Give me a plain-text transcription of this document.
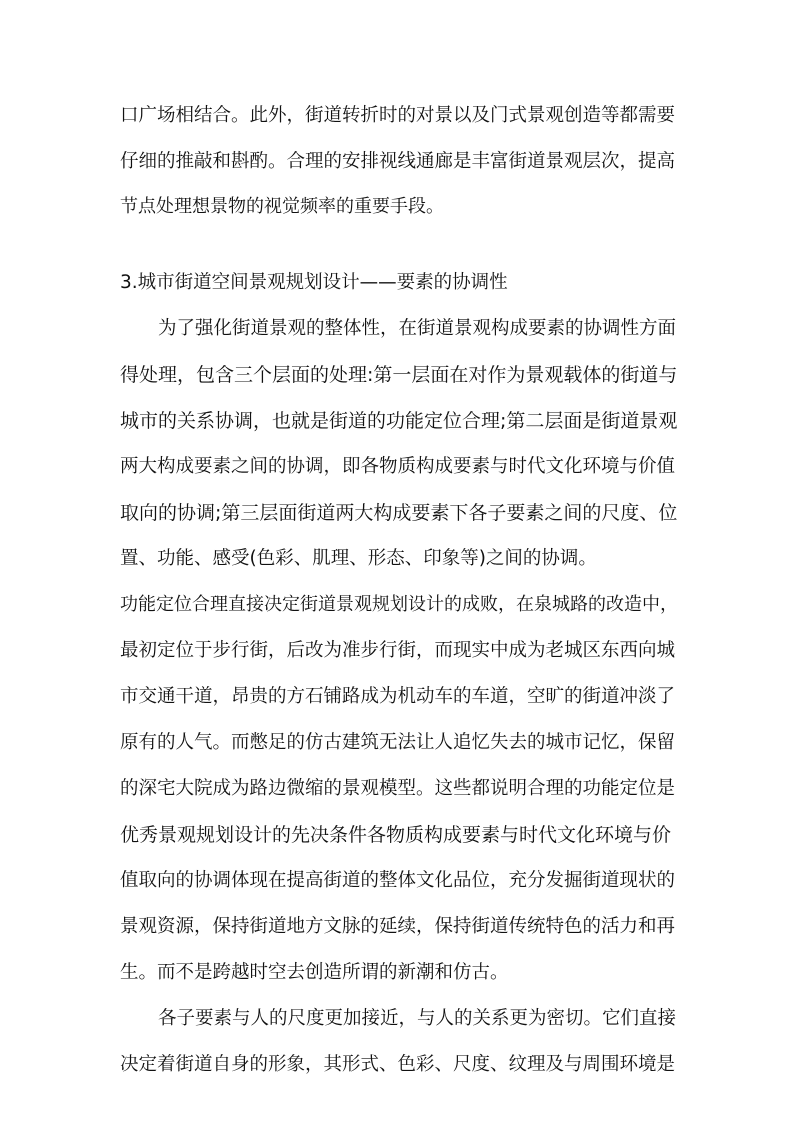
口广场相结合。此外，街道转折时的对景以及门式景观创造等都需要

仔细的推敲和斟酌。合理的安排视线通廊是丰富街道景观层次，提高

节点处理想景物的视觉频率的重要手段。

3.城市街道空间景观规划设计——要素的协调性

为了强化街道景观的整体性，在街道景观构成要素的协调性方面

得处理，包含三个层面的处理:第一层面在对作为景观载体的街道与

城市的关系协调，也就是街道的功能定位合理;第二层面是街道景观

两大构成要素之间的协调，即各物质构成要素与时代文化环境与价值

取向的协调;第三层面街道两大构成要素下各子要素之间的尺度、位

置、功能、感受(色彩、肌理、形态、印象等)之间的协调。

功能定位合理直接决定街道景观规划设计的成败，在泉城路的改造中，

最初定位于步行街，后改为准步行街，而现实中成为老城区东西向城

市交通干道，昂贵的方石铺路成为机动车的车道，空旷的街道冲淡了

原有的人气。而憋足的仿古建筑无法让人追忆失去的城市记忆，保留

的深宅大院成为路边微缩的景观模型。这些都说明合理的功能定位是

优秀景观规划设计的先决条件各物质构成要素与时代文化环境与价

值取向的协调体现在提高街道的整体文化品位，充分发掘街道现状的

景观资源，保持街道地方文脉的延续，保持街道传统特色的活力和再

生。而不是跨越时空去创造所谓的新潮和仿古。

各子要素与人的尺度更加接近，与人的关系更为密切。它们直接

决定着街道自身的形象，其形式、色彩、尺度、纹理及与周围环境是
